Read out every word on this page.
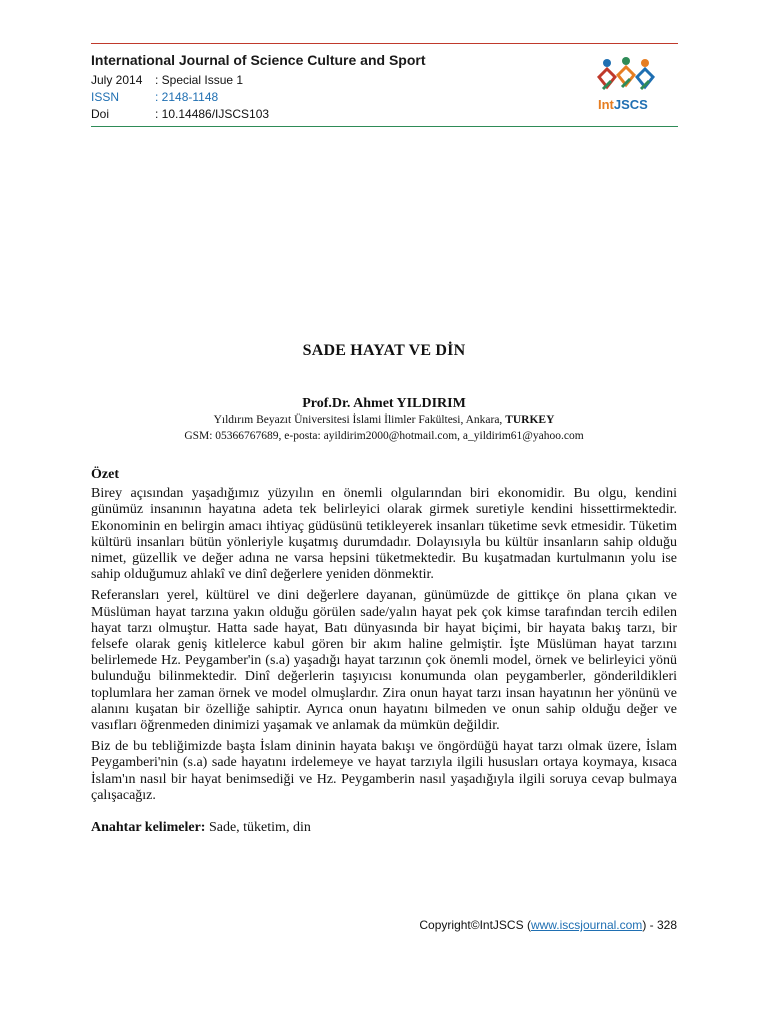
International Journal of Science Culture and Sport
July 2014 : Special Issue 1
ISSN	: 2148-1148
Doi	: 10.14486/IJSCS103
IntJSCS
SADE HAYAT VE DİN
Prof.Dr. Ahmet YILDIRIM
Yıldırım Beyazıt Üniversitesi İslami İlimler Fakültesi, Ankara, TURKEY
GSM: 05366767689, e-posta: ayildirim2000@hotmail.com, a_yildirim61@yahoo.com
Özet

Birey açısından yaşadığımız yüzyılın en önemli olgularından biri ekonomidir. Bu olgu, kendini günümüz insanının hayatına adeta tek belirleyici olarak girmek suretiyle kendini hissettirmektedir. Ekonominin en belirgin amacı ihtiyaç güdüsünü tetikleyerek insanları tüketime sevk etmesidir. Tüketim kültürü insanları bütün yönleriyle kuşatmış durumdadır. Dolayısıyla bu kültür insanların sahip olduğu nimet, güzellik ve değer adına ne varsa hepsini tüketmektedir. Bu kuşatmadan kurtulmanın yolu ise sahip olduğumuz ahlakî ve dinî değerlere yeniden dönmektir.

Referansları yerel, kültürel ve dini değerlere dayanan, günümüzde de gittikçe ön plana çıkan ve Müslüman hayat tarzına yakın olduğu görülen sade/yalın hayat pek çok kimse tarafından tercih edilen hayat tarzı olmuştur. Hatta sade hayat, Batı dünyasında bir hayat biçimi, bir hayata bakış tarzı, bir felsefe olarak geniş kitlelerce kabul gören bir akım haline gelmiştir. İşte Müslüman hayat tarzını belirlemede Hz. Peygamber'in (s.a) yaşadığı hayat tarzının çok önemli model, örnek ve belirleyici yönü bulunduğu bilinmektedir. Dinî değerlerin taşıyıcısı konumunda olan peygamberler, gönderildikleri toplumlara her zaman örnek ve model olmuşlardır. Zira onun hayat tarzı insan hayatının her yönünü ve alanını kuşatan bir özelliğe sahiptir. Ayrıca onun hayatını bilmeden ve onun sahip olduğu değer ve vasıfları öğrenmeden dinimizi yaşamak ve anlamak da mümkün değildir.

Biz de bu tebliğimizde başta İslam dininin hayata bakışı ve öngördüğü hayat tarzı olmak üzere, İslam Peygamberi'nin (s.a) sade hayatını irdelemeye ve hayat tarzıyla ilgili hususları ortaya koymaya, kısaca İslam'ın nasıl bir hayat benimsediği ve Hz. Peygamberin nasıl yaşadığıyla ilgili soruya cevap bulmaya çalışacağız.

Anahtar kelimeler: Sade, tüketim, din
Copyright©IntJSCS (www.iscsjournal.com) - 328
